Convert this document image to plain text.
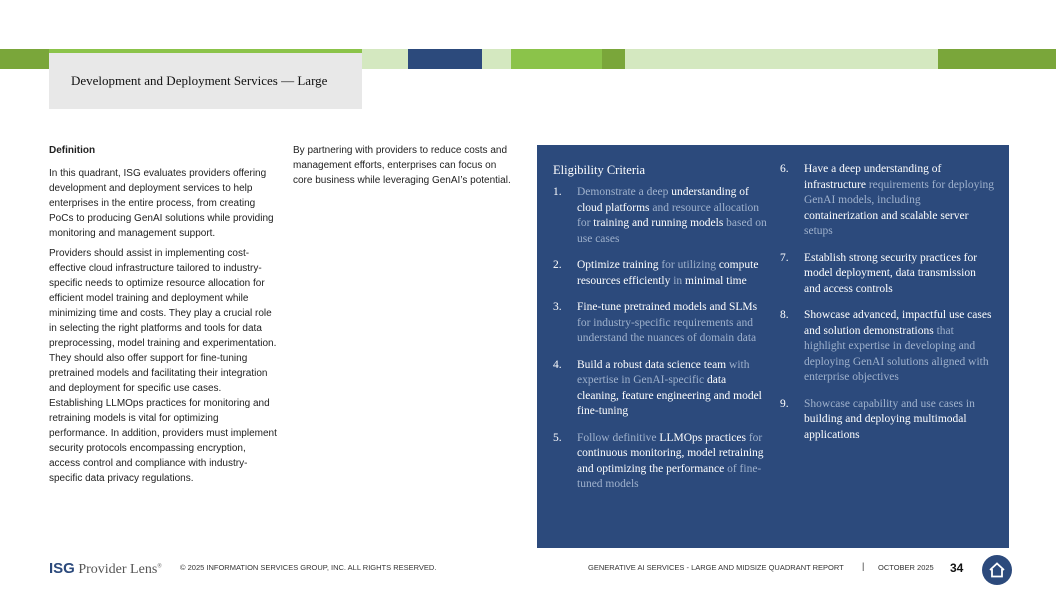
Development and Deployment Services — Large
Definition

In this quadrant, ISG evaluates providers offering development and deployment services to help enterprises in the entire process, from creating PoCs to producing GenAI solutions while providing monitoring and management support.

Providers should assist in implementing cost-effective cloud infrastructure tailored to industry-specific needs to optimize resource allocation for efficient model training and deployment while minimizing time and costs. They play a crucial role in selecting the right platforms and tools for data preprocessing, model training and experimentation. They should also offer support for fine-tuning pretrained models and facilitating their integration and deployment for specific use cases. Establishing LLMOps practices for monitoring and retraining models is vital for optimizing performance. In addition, providers must implement security protocols encompassing encryption, access control and compliance with industry-specific data privacy regulations.

By partnering with providers to reduce costs and management efforts, enterprises can focus on core business while leveraging GenAI’s potential.

Eligibility Criteria
1. Demonstrate a deep understanding of cloud platforms and resource allocation for training and running models based on use cases
2. Optimize training for utilizing compute resources efficiently in minimal time
3. Fine-tune pretrained models and SLMs for industry-specific requirements and understand the nuances of domain data
4. Build a robust data science team with expertise in GenAI-specific data cleaning, feature engineering and model fine-tuning
5. Follow definitive LLMOps practices for continuous monitoring, model retraining and optimizing the performance of fine-tuned models
6. Have a deep understanding of infrastructure requirements for deploying GenAI models, including containerization and scalable server setups
7. Establish strong security practices for model deployment, data transmission and access controls
8. Showcase advanced, impactful use cases and solution demonstrations that highlight expertise in developing and deploying GenAI solutions aligned with enterprise objectives
9. Showcase capability and use cases in building and deploying multimodal applications
ISG Provider Lens® © 2025 INFORMATION SERVICES GROUP, INC. ALL RIGHTS RESERVED.	GENERATIVE AI SERVICES - LARGE AND MIDSIZE QUADRANT REPORT | OCTOBER 2025 34
